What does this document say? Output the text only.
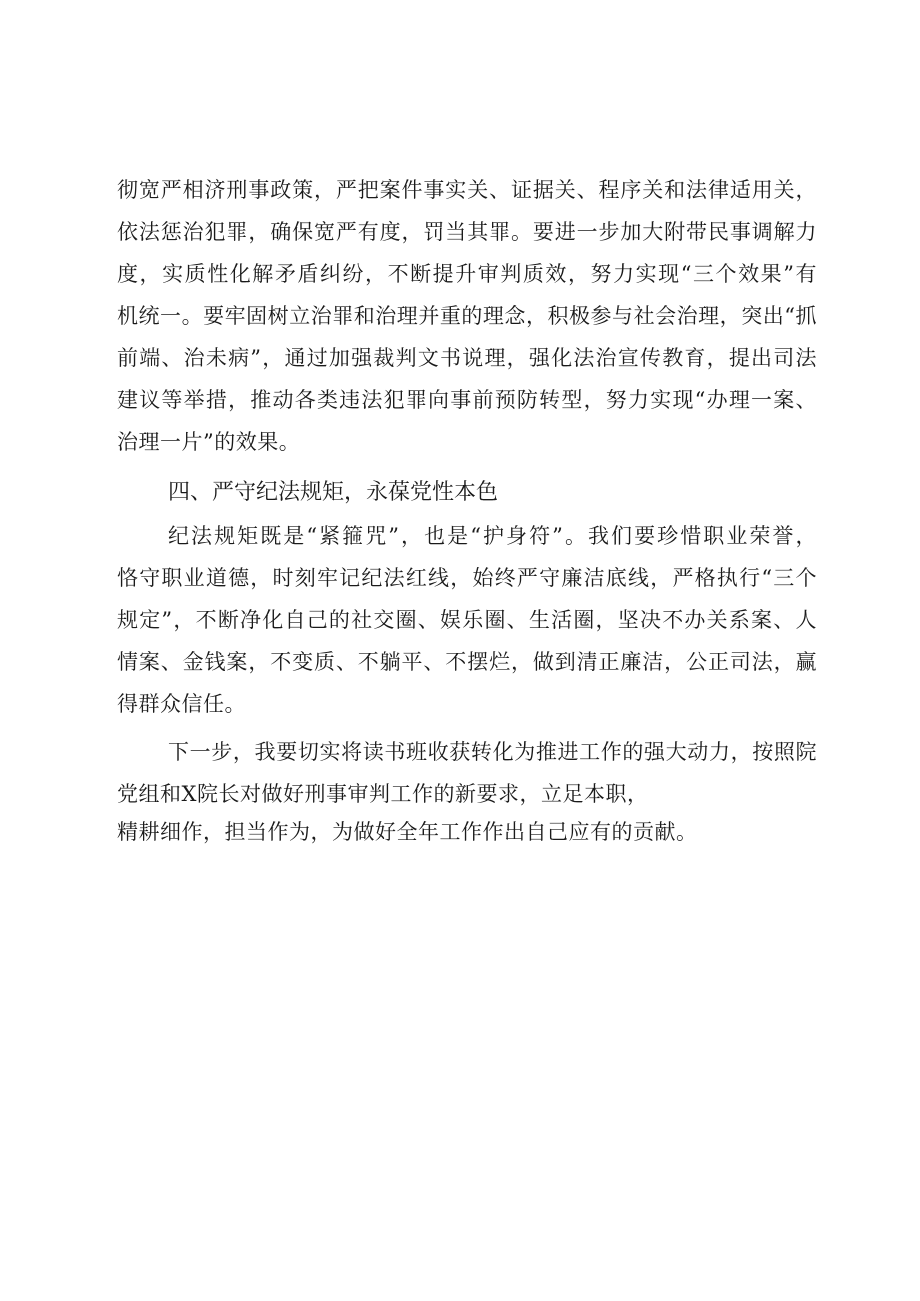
彻宽严相济刑事政策，严把案件事实关、证据关、程序关和法律适用关，
依法惩治犯罪，确保宽严有度，罚当其罪。要进一步加大附带民事调解力
度，实质性化解矛盾纠纷，不断提升审判质效，努力实现“三个效果”有
机统一。要牢固树立治罪和治理并重的理念，积极参与社会治理，突出“抓
前端、治未病”，通过加强裁判文书说理，强化法治宣传教育，提出司法
建议等举措，推动各类违法犯罪向事前预防转型，努力实现“办理一案、
治理一片”的效果。
四、严守纪法规矩，永葆党性本色
纪法规矩既是“紧箍咒”，也是“护身符”。我们要珍惜职业荣誉，
恪守职业道德，时刻牢记纪法红线，始终严守廉洁底线，严格执行“三个
规定”，不断净化自己的社交圈、娱乐圈、生活圈，坚决不办关系案、人
情案、金钱案，不变质、不躺平、不摆烂，做到清正廉洁，公正司法，赢
得群众信任。
下一步，我要切实将读书班收获转化为推进工作的强大动力，按照院
党组和X院长对做好刑事审判工作的新要求，立足本职，
精耕细作，担当作为，为做好全年工作作出自己应有的贡献。
